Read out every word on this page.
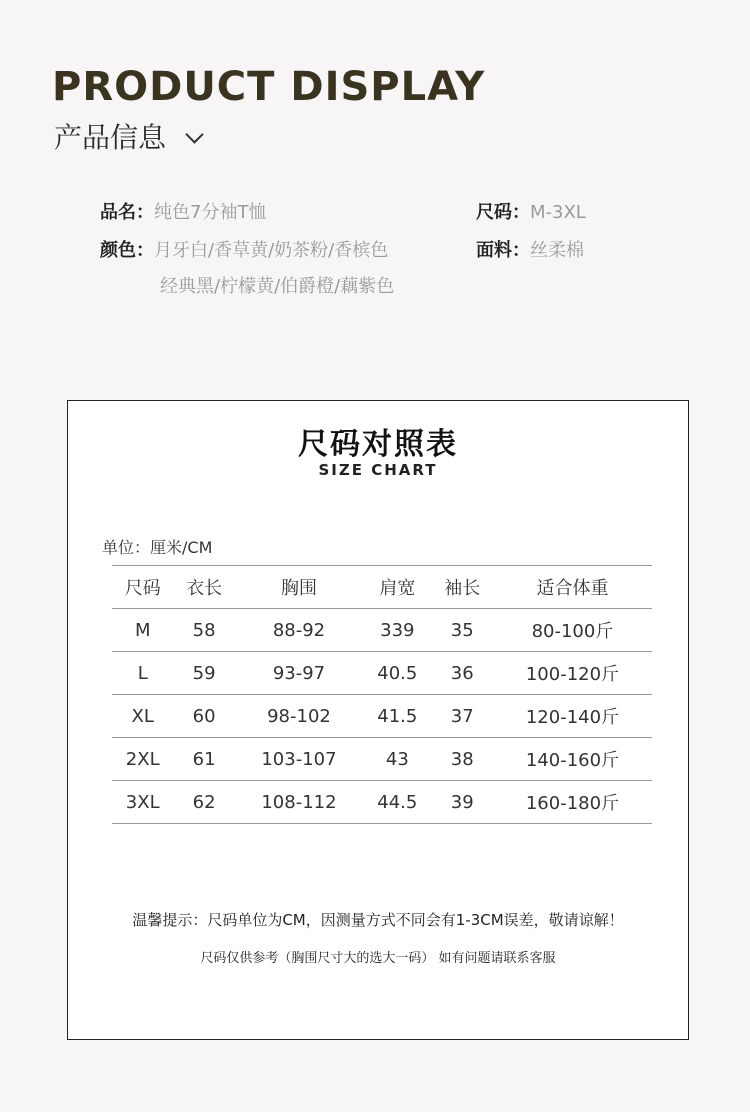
PRODUCT DISPLAY
产品信息
品名：纯色7分袖T恤	尺码：M-3XL
颜色：月牙白/香草黄/奶茶粉/香槟色
经典黑/柠檬黄/伯爵橙/藕紫色
面料：丝柔棉
尺码对照表
SIZE CHART
单位：厘米/CM
尺码	衣长	胸围	肩宽	袖长	适合体重
M	58	88-92	339	35	80-100斤
L	59	93-97	40.5	36	100-120斤
XL	60	98-102	41.5	37	120-140斤
2XL	61	103-107	43	38	140-160斤
3XL	62	108-112	44.5	39	160-180斤
温馨提示：尺码单位为CM，因测量方式不同会有1-3CM误差，敬请谅解！
尺码仅供参考（胸围尺寸大的选大一码） 如有问题请联系客服
